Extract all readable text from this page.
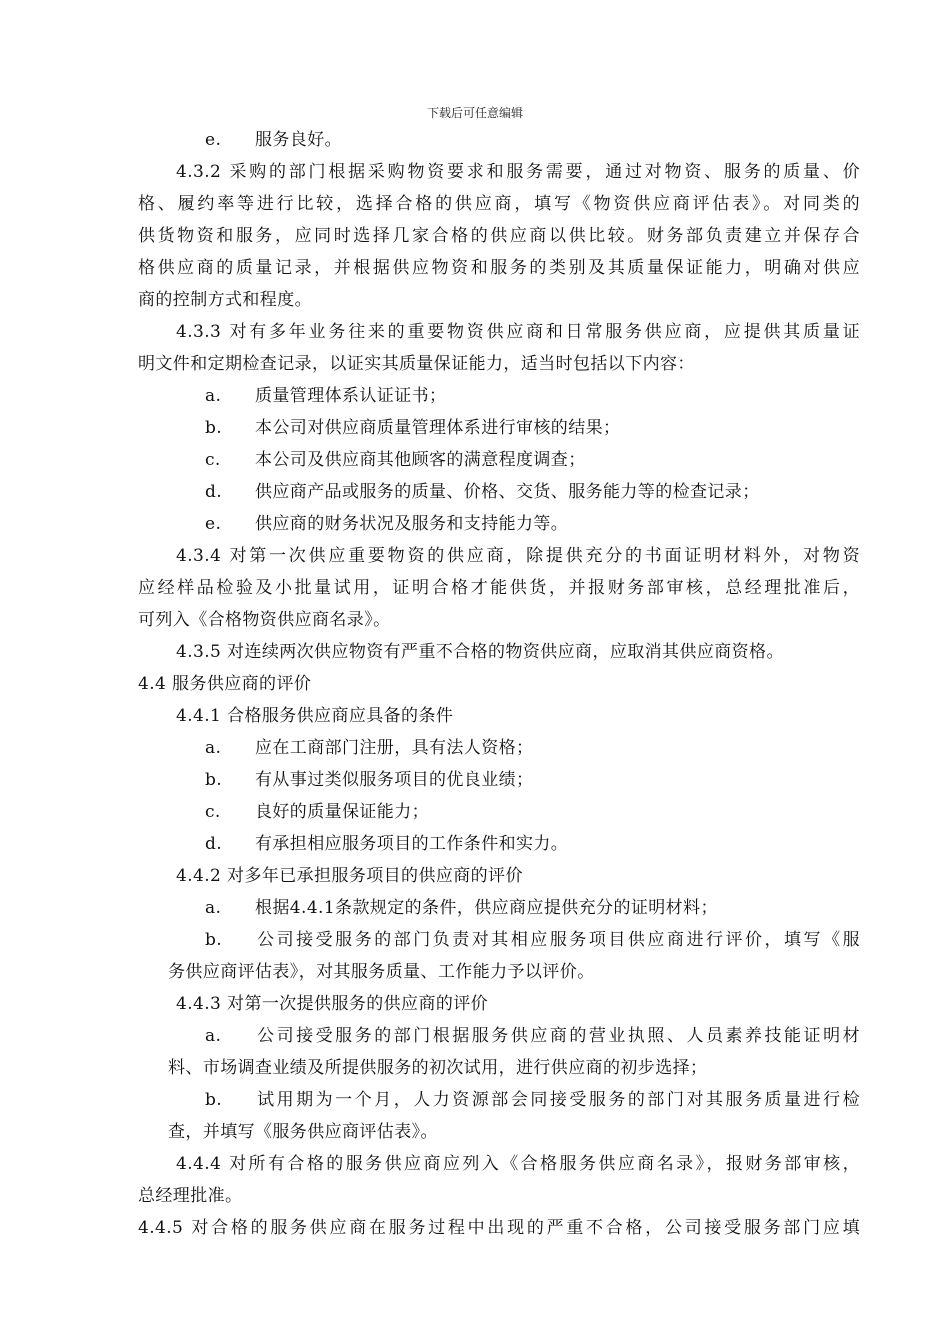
下载后可任意编辑
e. 服务良好。
4.3.2 采购的部门根据采购物资要求和服务需要，通过对物资、服务的质量、价
格、履约率等进行比较，选择合格的供应商，填写《物资供应商评估表》。对同类的
供货物资和服务，应同时选择几家合格的供应商以供比较。财务部负责建立并保存合
格供应商的质量记录，并根据供应物资和服务的类别及其质量保证能力，明确对供应
商的控制方式和程度。
4.3.3 对有多年业务往来的重要物资供应商和日常服务供应商，应提供其质量证
明文件和定期检查记录，以证实其质量保证能力，适当时包括以下内容：
a. 质量管理体系认证证书；
b. 本公司对供应商质量管理体系进行审核的结果；
c. 本公司及供应商其他顾客的满意程度调查；
d. 供应商产品或服务的质量、价格、交货、服务能力等的检查记录；
e. 供应商的财务状况及服务和支持能力等。
4.3.4 对第一次供应重要物资的供应商，除提供充分的书面证明材料外，对物资
应经样品检验及小批量试用，证明合格才能供货，并报财务部审核，总经理批准后，
可列入《合格物资供应商名录》。
4.3.5 对连续两次供应物资有严重不合格的物资供应商，应取消其供应商资格。
4.4 服务供应商的评价
4.4.1 合格服务供应商应具备的条件
a. 应在工商部门注册，具有法人资格；
b. 有从事过类似服务项目的优良业绩；
c. 良好的质量保证能力；
d. 有承担相应服务项目的工作条件和实力。
4.4.2 对多年已承担服务项目的供应商的评价
a. 根据4.4.1条款规定的条件，供应商应提供充分的证明材料；
b. 公司接受服务的部门负责对其相应服务项目供应商进行评价，填写《服
务供应商评估表》，对其服务质量、工作能力予以评价。
4.4.3 对第一次提供服务的供应商的评价
a. 公司接受服务的部门根据服务供应商的营业执照、人员素养技能证明材
料、市场调查业绩及所提供服务的初次试用，进行供应商的初步选择；
b. 试用期为一个月，人力资源部会同接受服务的部门对其服务质量进行检
查，并填写《服务供应商评估表》。
4.4.4 对所有合格的服务供应商应列入《合格服务供应商名录》，报财务部审核，
总经理批准。
4.4.5 对合格的服务供应商在服务过程中出现的严重不合格，公司接受服务部门应填
